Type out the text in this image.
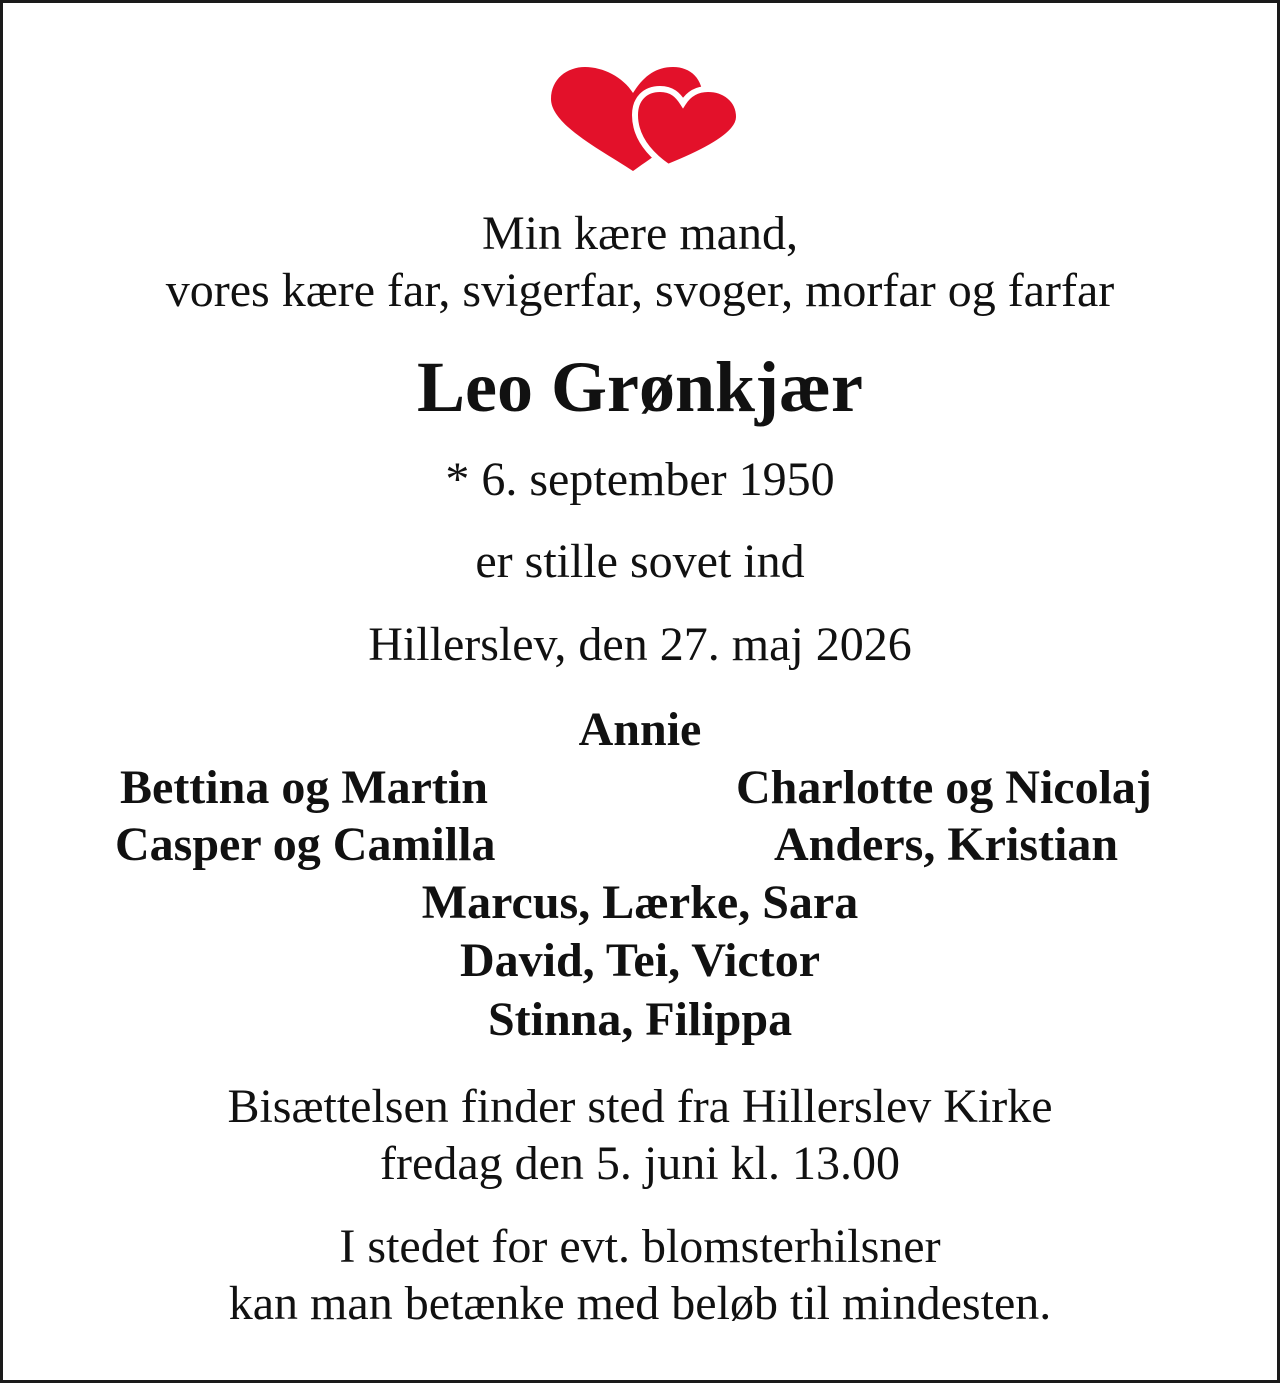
Min kære mand,
vores kære far, svigerfar, svoger, morfar og farfar
Leo Grønkjær
* 6. september 1950
er stille sovet ind
Hillerslev, den 27. maj 2026
Annie
Bettina og Martin
Casper og Camilla
Charlotte og Nicolaj
Anders, Kristian
Marcus, Lærke, Sara
David, Tei, Victor
Stinna, Filippa
Bisættelsen finder sted fra Hillerslev Kirke
fredag den 5. juni kl. 13.00
I stedet for evt. blomsterhilsner
kan man betænke med beløb til mindesten.
